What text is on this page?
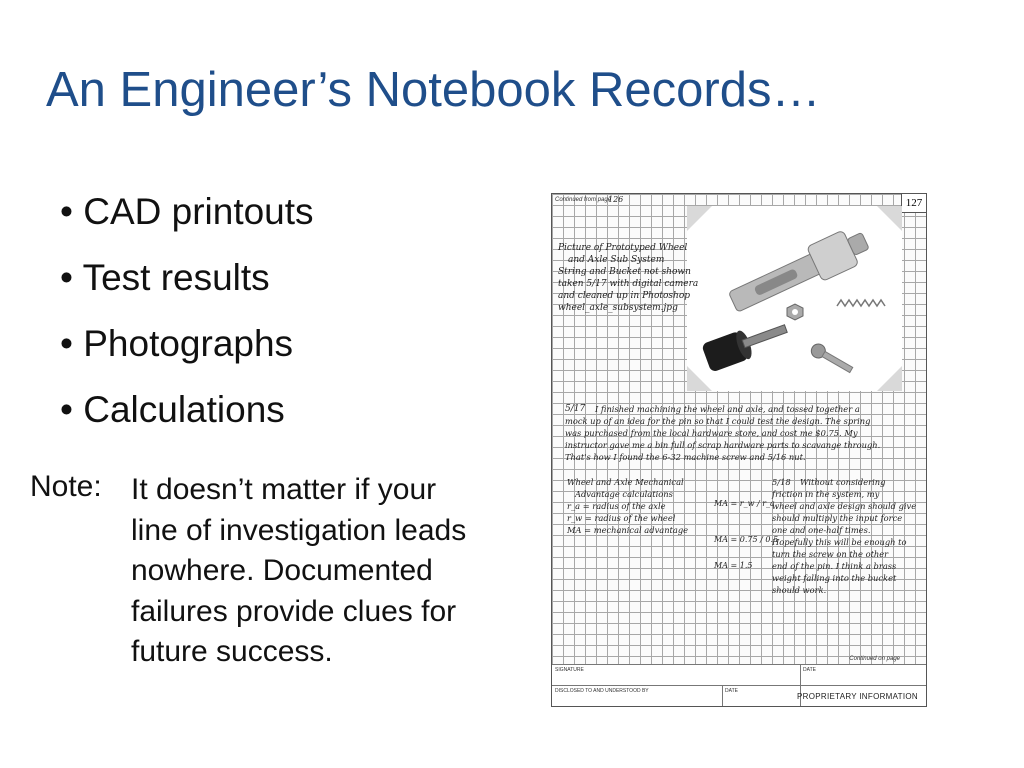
An Engineer’s Notebook Records…
• CAD printouts
• Test results
• Photographs
• Calculations
Note: It doesn’t matter if your
line of investigation leads
nowhere. Documented
failures provide clues for
future success.
Continued from page
126	127
Picture of Prototyped Wheel
and Axle Sub System
String and Bucket not shown
taken 5/17 with digital camera
and cleaned up in Photoshop
wheel_axle_subsystem.jpg
5/17	I finished machining the wheel and axle, and tossed together a
mock up of an idea for the pin so that I could test the design. The spring
was purchased from the local hardware store, and cost me $0.75. My
instructor gave me a bin full of scrap hardware parts to scavange through.
That's how I found the 6-32 machine screw and 5/16 nut.
Wheel and Axle Mechanical
Advantage calculations
r_a = radius of the axle
r_w = radius of the wheel
MA = mechanical advantage
MA = r_w / r_a
MA = 0.75 / 0.5
MA = 1.5
5/18	Without considering
friction in the system, my
wheel and axle design should give
should multiply the input force
one and one-half times.
Hopefully this will be enough to
turn the screw on the other
end of the pin. I think a brass
weight falling into the bucket
should work.
Continued on page
SIGNATURE	DATE
DISCLOSED TO AND UNDERSTOOD BY	DATE
PROPRIETARY INFORMATION
